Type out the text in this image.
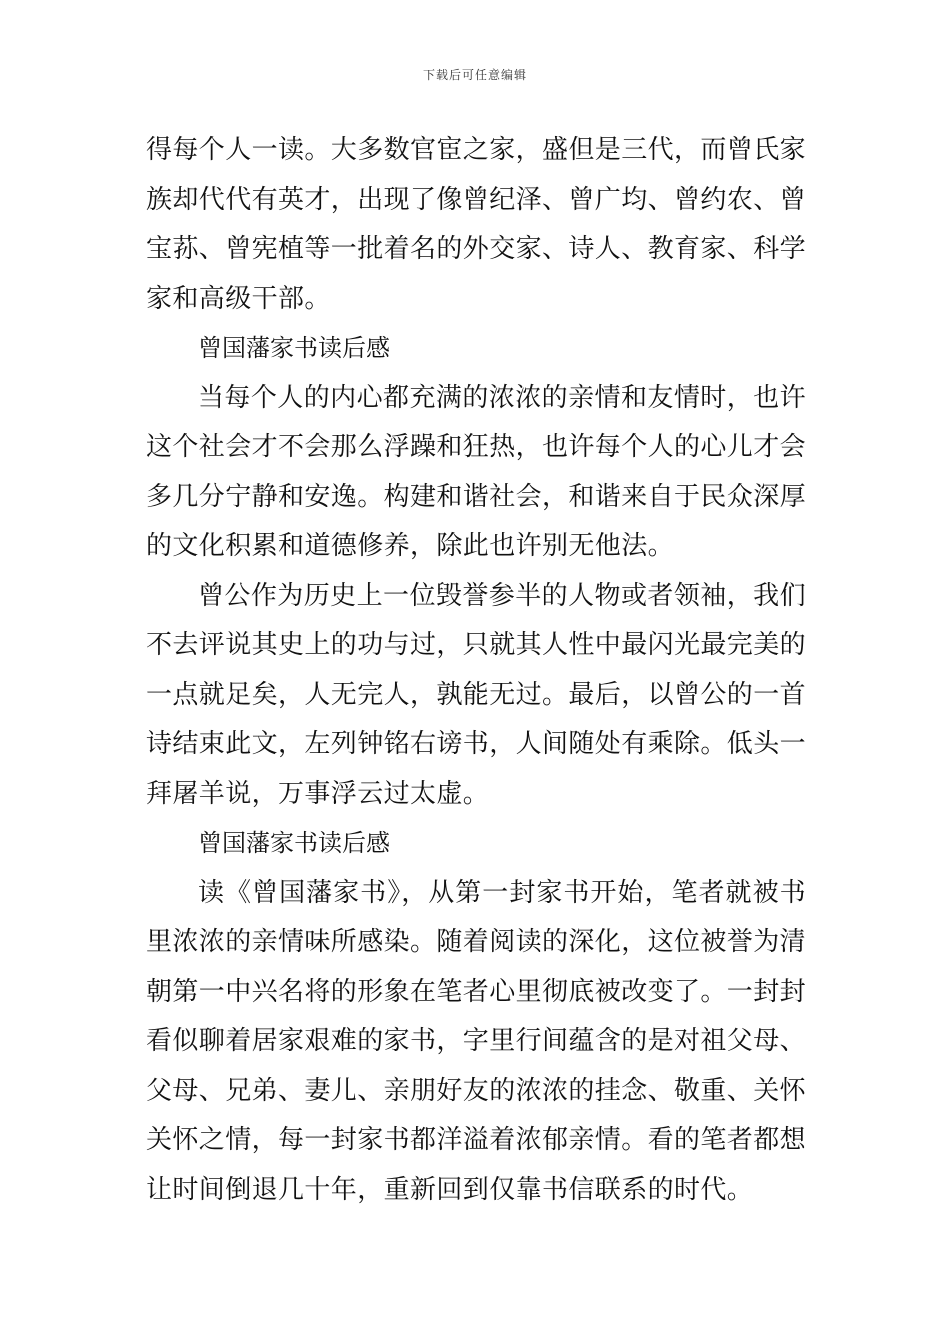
下载后可任意编辑

得每个人一读。大多数官宦之家，盛但是三代，而曾氏家族却代代有英才，出现了像曾纪泽、曾广均、曾约农、曾宝荪、曾宪植等一批着名的外交家、诗人、教育家、科学家和高级干部。

曾国藩家书读后感

当每个人的内心都充满的浓浓的亲情和友情时，也许这个社会才不会那么浮躁和狂热，也许每个人的心儿才会多几分宁静和安逸。构建和谐社会，和谐来自于民众深厚的文化积累和道德修养，除此也许别无他法。

曾公作为历史上一位毁誉参半的人物或者领袖，我们不去评说其史上的功与过，只就其人性中最闪光最完美的一点就足矣，人无完人，孰能无过。最后，以曾公的一首诗结束此文，左列钟铭右谤书，人间随处有乘除。低头一拜屠羊说，万事浮云过太虚。

曾国藩家书读后感

读《曾国藩家书》，从第一封家书开始，笔者就被书里浓浓的亲情味所感染。随着阅读的深化，这位被誉为清朝第一中兴名将的形象在笔者心里彻底被改变了。一封封看似聊着居家艰难的家书，字里行间蕴含的是对祖父母、父母、兄弟、妻儿、亲朋好友的浓浓的挂念、敬重、关怀关怀之情，每一封家书都洋溢着浓郁亲情。看的笔者都想让时间倒退几十年，重新回到仅靠书信联系的时代。
